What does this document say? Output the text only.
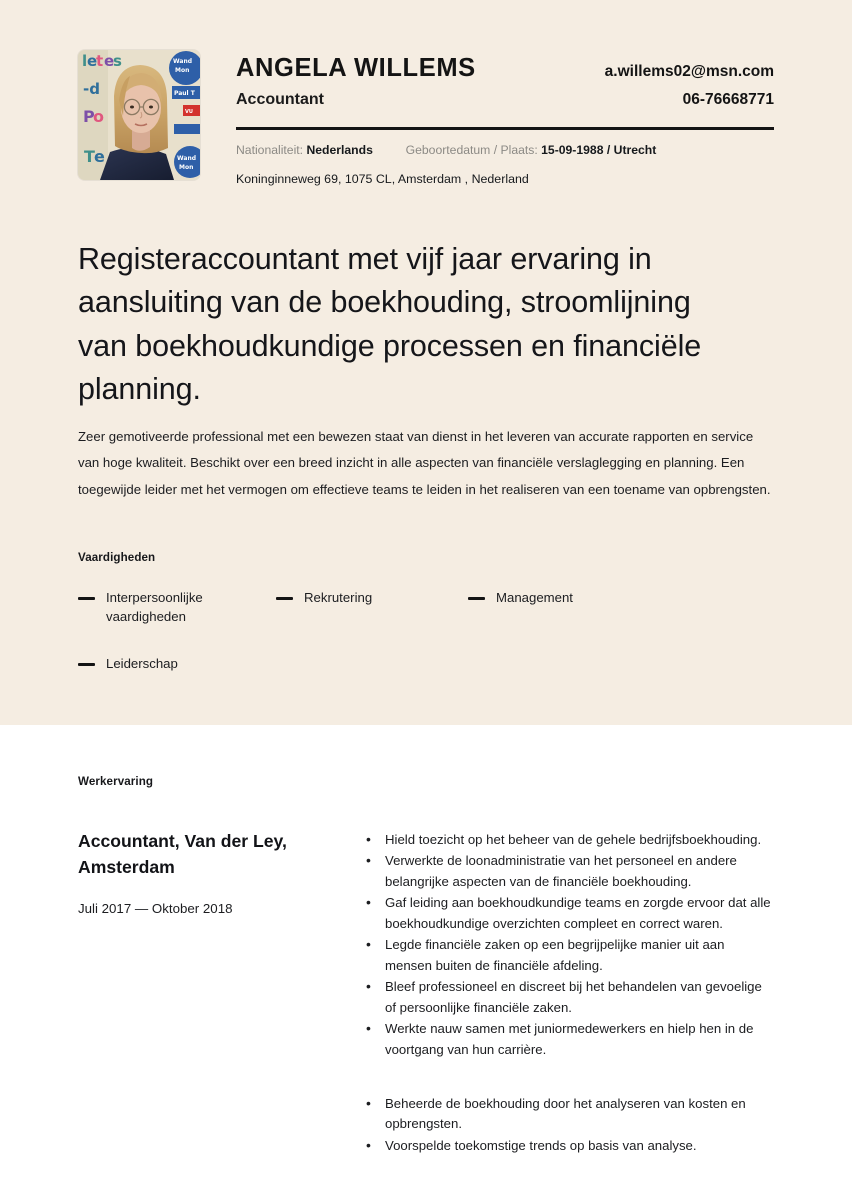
l e
t e
s
-d
P
o
T e
Wand
Mon
Paul T
VU
Wand
Mon
ANGELA WILLEMS	a.willems02@msn.com
Accountant	06-76668771
Nationaliteit: Nederlands	Geboortedatum / Plaats: 15-09-1988 / Utrecht
Koninginneweg 69, 1075 CL, Amsterdam , Nederland
Registeraccountant met vijf jaar ervaring in aansluiting van de boekhouding, stroomlijning van boekhoudkundige processen en financiële planning.
Zeer gemotiveerde professional met een bewezen staat van dienst in het leveren van accurate rapporten en service van hoge kwaliteit. Beschikt over een breed inzicht in alle aspecten van financiële verslaglegging en planning. Een toegewijde leider met het vermogen om effectieve teams te leiden in het realiseren van een toename van opbrengsten.
Vaardigheden
Interpersoonlijke vaardigheden
Rekrutering	Management
Leiderschap
Werkervaring
Accountant, Van der Ley, Amsterdam
Juli 2017 — Oktober 2018
• Hield toezicht op het beheer van de gehele bedrijfsboekhouding.
• Verwerkte de loonadministratie van het personeel en andere belangrijke aspecten van de financiële boekhouding.
• Gaf leiding aan boekhoudkundige teams en zorgde ervoor dat alle boekhoudkundige overzichten compleet en correct waren.
• Legde financiële zaken op een begrijpelijke manier uit aan mensen buiten de financiële afdeling.
• Bleef professioneel en discreet bij het behandelen van gevoelige of persoonlijke financiële zaken.
• Werkte nauw samen met juniormedewerkers en hielp hen in de voortgang van hun carrière.
• Beheerde de boekhouding door het analyseren van kosten en opbrengsten.
• Voorspelde toekomstige trends op basis van analyse.
